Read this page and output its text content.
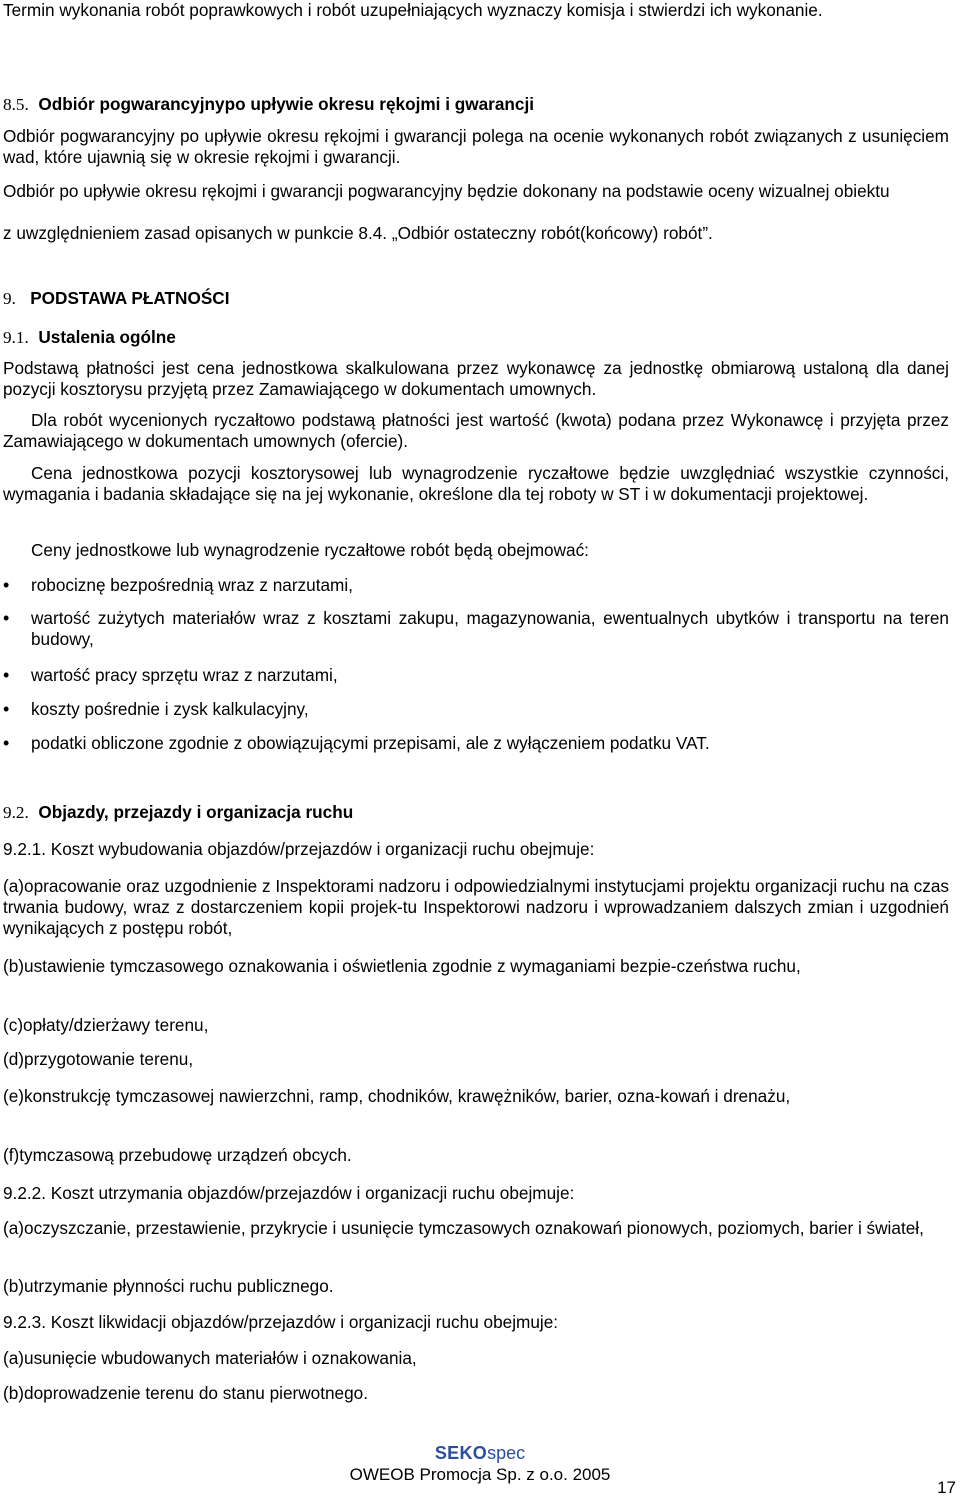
Termin wykonania robót poprawkowych i robót uzupełniających wyznaczy komisja i stwierdzi ich wykonanie.

8.5. Odbiór pogwarancyjnypo upływie okresu rękojmi i gwarancji

Odbiór pogwarancyjny po upływie okresu rękojmi i gwarancji polega na ocenie wykonanych robót związanych z usunięciem wad, które ujawnią się w okresie rękojmi i gwarancji.

Odbiór po upływie okresu rękojmi i gwarancji pogwarancyjny będzie dokonany na podstawie oceny wizualnej obiektu

z uwzględnieniem zasad opisanych w punkcie 8.4. „Odbiór ostateczny robót(końcowy) robót”.

9. PODSTAWA PŁATNOŚCI

9.1. Ustalenia ogólne

Podstawą płatności jest cena jednostkowa skalkulowana przez wykonawcę za jednostkę obmiarową ustaloną dla danej pozycji kosztorysu przyjętą przez Zamawiającego w dokumentach umownych.

Dla robót wycenionych ryczałtowo podstawą płatności jest wartość (kwota) podana przez Wykonawcę i przyjęta przez Zamawiającego w dokumentach umownych (ofercie).

Cena jednostkowa pozycji kosztorysowej lub wynagrodzenie ryczałtowe będzie uwzględniać wszystkie czynności, wymagania i badania składające się na jej wykonanie, określone dla tej roboty w ST i w dokumentacji projektowej.

Ceny jednostkowe lub wynagrodzenie ryczałtowe robót będą obejmować:

•

robociznę bezpośrednią wraz z narzutami,

•

wartość zużytych materiałów wraz z kosztami zakupu, magazynowania, ewentualnych ubytków i transportu na teren budowy,

•

wartość pracy sprzętu wraz z narzutami,

•

koszty pośrednie i zysk kalkulacyjny,

•

podatki obliczone zgodnie z obowiązującymi przepisami, ale z wyłączeniem podatku VAT.

9.2. Objazdy, przejazdy i organizacja ruchu

9.2.1. Koszt wybudowania objazdów/przejazdów i organizacji ruchu obejmuje:

(a)opracowanie oraz uzgodnienie z Inspektorami nadzoru i odpowiedzialnymi instytucjami projektu organizacji ruchu na czas trwania budowy, wraz z dostarczeniem kopii projek-tu Inspektorowi nadzoru i wprowadzaniem dalszych zmian i uzgodnień wynikających z postępu robót,

(b)ustawienie tymczasowego oznakowania i oświetlenia zgodnie z wymaganiami bezpie-czeństwa ruchu,

(c)opłaty/dzierżawy terenu,

(d)przygotowanie terenu,

(e)konstrukcję tymczasowej nawierzchni, ramp, chodników, krawężników, barier, ozna-kowań i drenażu,

(f)tymczasową przebudowę urządzeń obcych.

9.2.2. Koszt utrzymania objazdów/przejazdów i organizacji ruchu obejmuje:

(a)oczyszczanie, przestawienie, przykrycie i usunięcie tymczasowych oznakowań pionowych, poziomych, barier i świateł,

(b)utrzymanie płynności ruchu publicznego.

9.2.3. Koszt likwidacji objazdów/przejazdów i organizacji ruchu obejmuje:

(a)usunięcie wbudowanych materiałów i oznakowania,

(b)doprowadzenie terenu do stanu pierwotnego.

SEKOspec
OWEOB Promocja Sp. z o.o. 2005
17
